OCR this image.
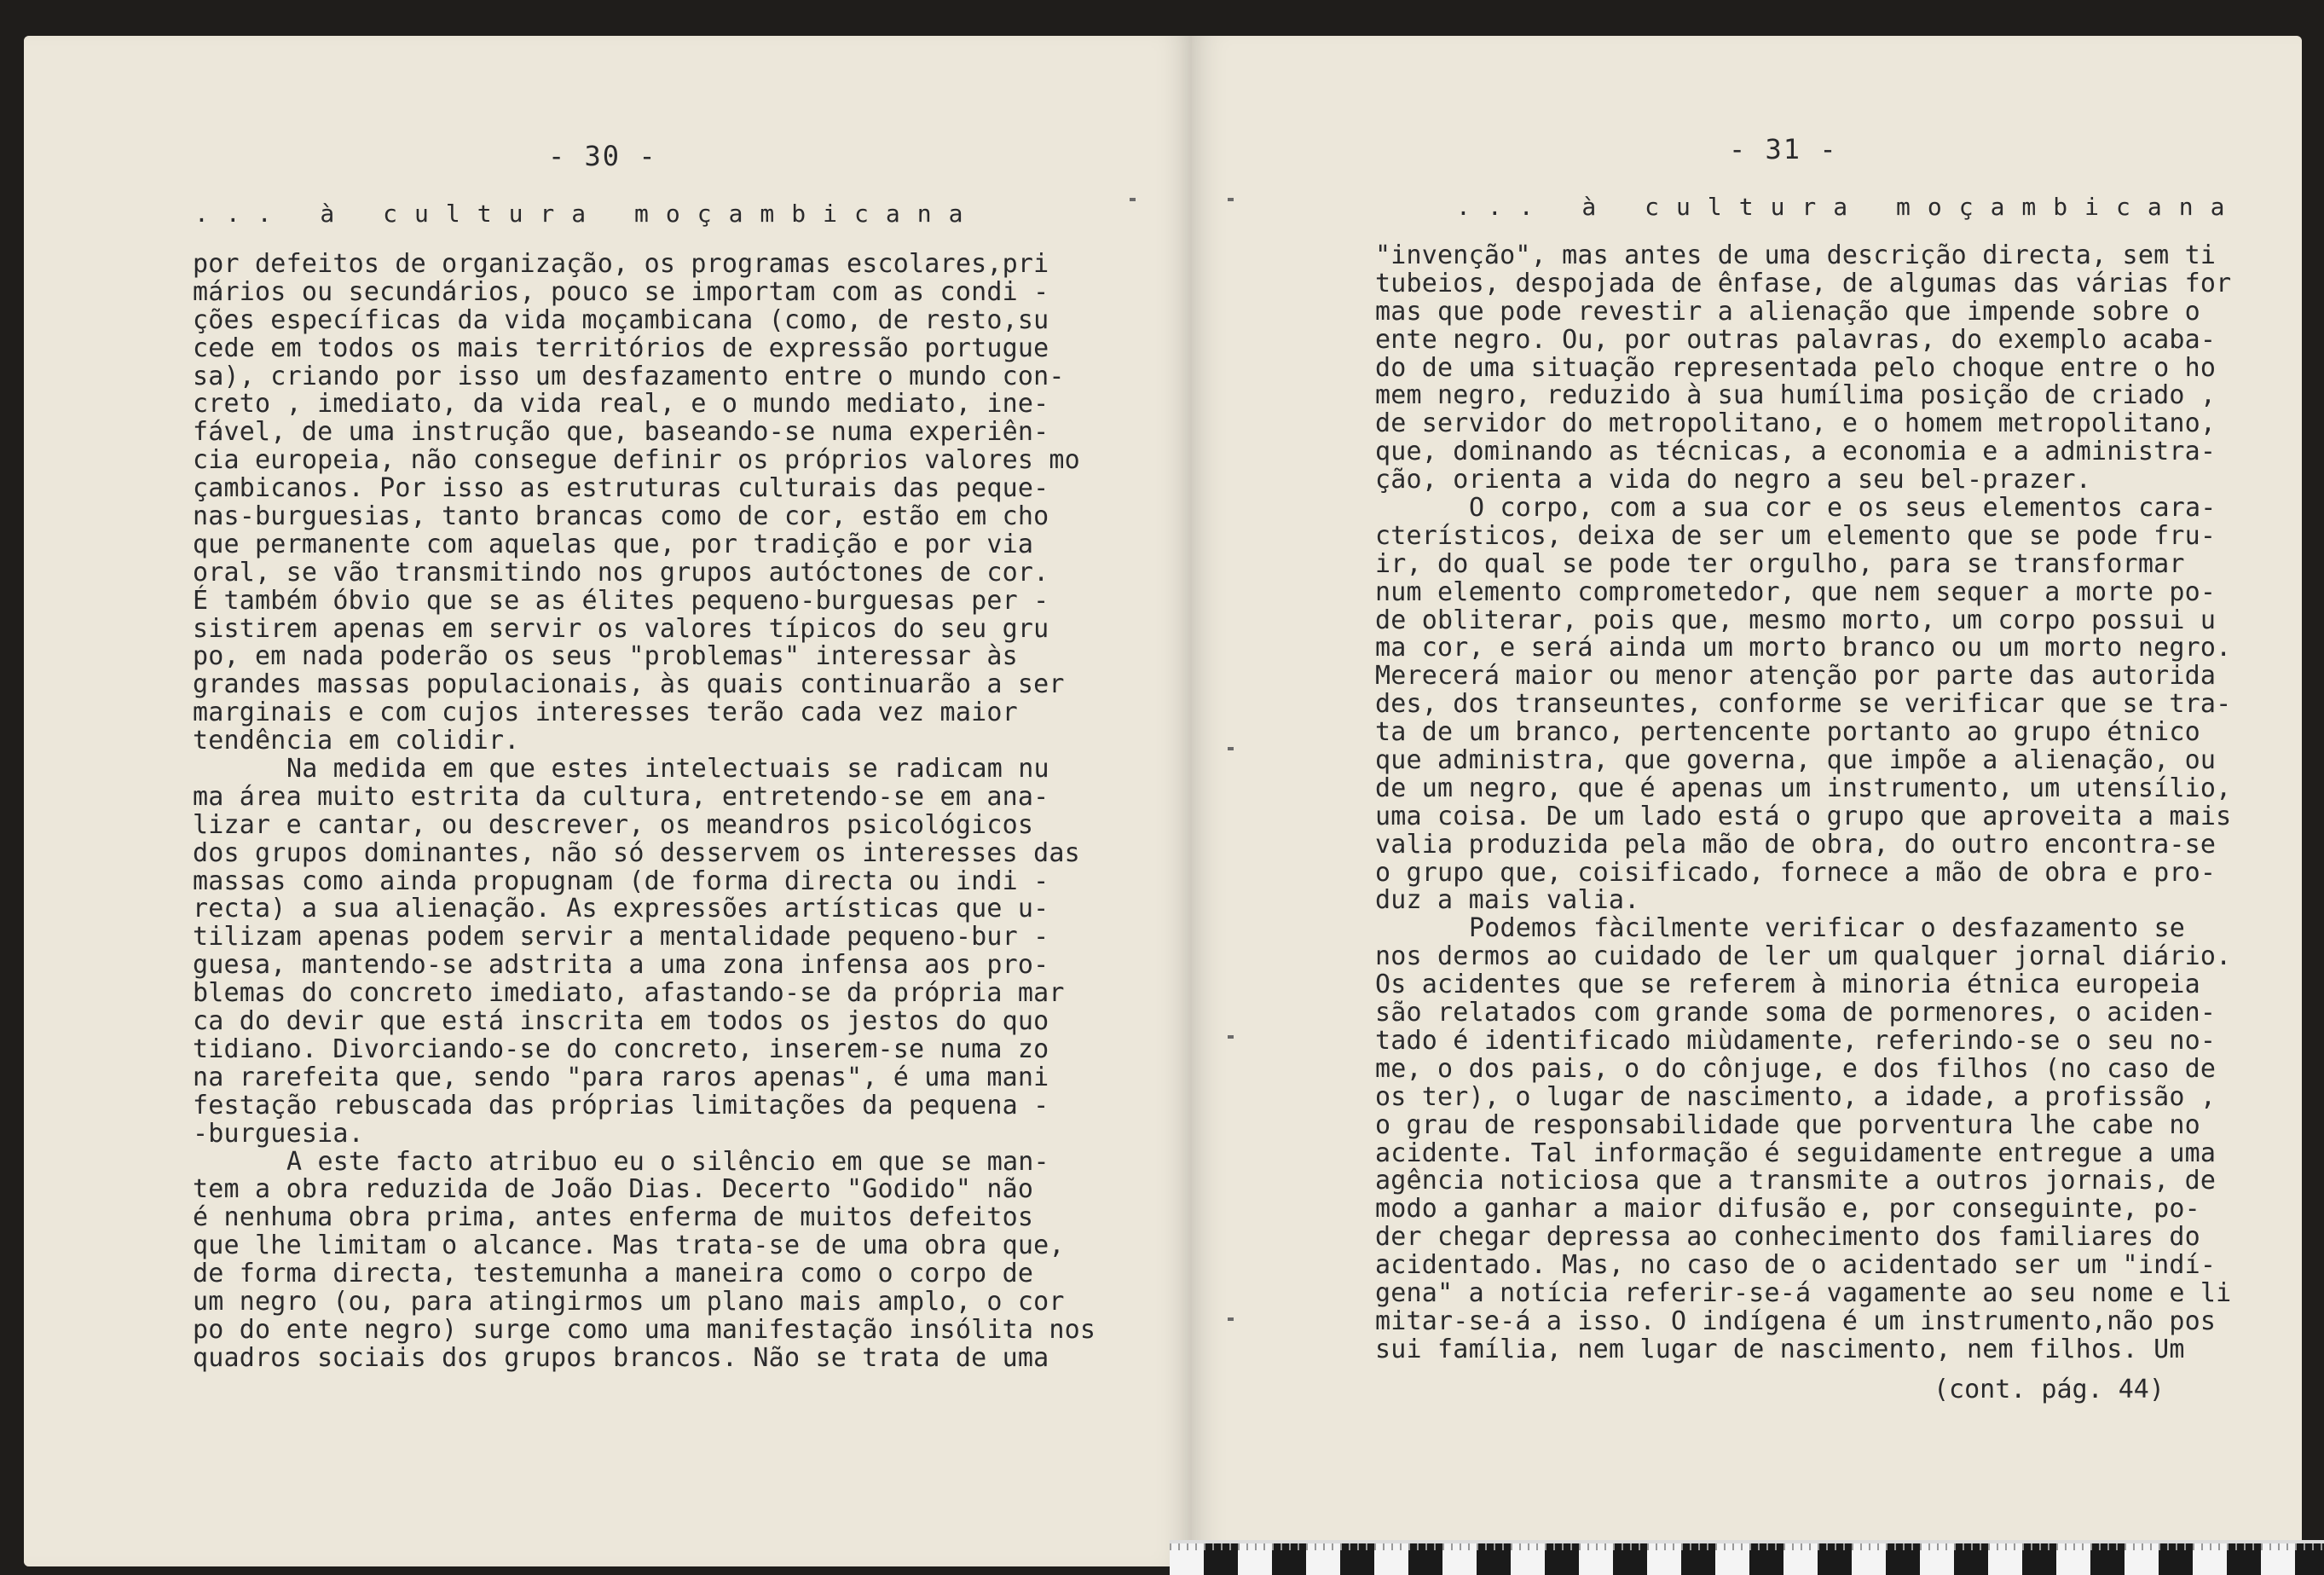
- 30 -
... à cultura moçambicana
por defeitos de organização, os programas escolares,pri
mários ou secundários, pouco se importam com as condi -
ções específicas da vida moçambicana (como, de resto,su
cede em todos os mais territórios de expressão portugue
sa), criando por isso um desfazamento entre o mundo con-
creto , imediato, da vida real, e o mundo mediato, ine-
fável, de uma instrução que, baseando-se numa experiên-
cia europeia, não consegue definir os próprios valores mo
çambicanos. Por isso as estruturas culturais das peque-
nas-burguesias, tanto brancas como de cor, estão em cho
que permanente com aquelas que, por tradição e por via
oral, se vão transmitindo nos grupos autóctones de cor.
É também óbvio que se as élites pequeno-burguesas per -
sistirem apenas em servir os valores típicos do seu gru
po, em nada poderão os seus "problemas" interessar às
grandes massas populacionais, às quais continuarão a ser
marginais e com cujos interesses terão cada vez maior
tendência em colidir.
Na medida em que estes intelectuais se radicam nu
ma área muito estrita da cultura, entretendo-se em ana-
lizar e cantar, ou descrever, os meandros psicológicos
dos grupos dominantes, não só desservem os interesses das
massas como ainda propugnam (de forma directa ou indi -
recta) a sua alienação. As expressões artísticas que u-
tilizam apenas podem servir a mentalidade pequeno-bur -
guesa, mantendo-se adstrita a uma zona infensa aos pro-
blemas do concreto imediato, afastando-se da própria mar
ca do devir que está inscrita em todos os jestos do quo
tidiano. Divorciando-se do concreto, inserem-se numa zo
na rarefeita que, sendo "para raros apenas", é uma mani
festação rebuscada das próprias limitações da pequena -
-burguesia.
A este facto atribuo eu o silêncio em que se man-
tem a obra reduzida de João Dias. Decerto "Godido" não
é nenhuma obra prima, antes enferma de muitos defeitos
que lhe limitam o alcance. Mas trata-se de uma obra que,
de forma directa, testemunha a maneira como o corpo de
um negro (ou, para atingirmos um plano mais amplo, o cor
po do ente negro) surge como uma manifestação insólita nos
quadros sociais dos grupos brancos. Não se trata de uma
- 31 -
... à cultura moçambicana
"invenção", mas antes de uma descrição directa, sem ti
tubeios, despojada de ênfase, de algumas das várias for
mas que pode revestir a alienação que impende sobre o
ente negro. Ou, por outras palavras, do exemplo acaba-
do de uma situação representada pelo choque entre o ho
mem negro, reduzido à sua humílima posição de criado ,
de servidor do metropolitano, e o homem metropolitano,
que, dominando as técnicas, a economia e a administra-
ção, orienta a vida do negro a seu bel-prazer.
O corpo, com a sua cor e os seus elementos cara-
cterísticos, deixa de ser um elemento que se pode fru-
ir, do qual se pode ter orgulho, para se transformar
num elemento comprometedor, que nem sequer a morte po-
de obliterar, pois que, mesmo morto, um corpo possui u
ma cor, e será ainda um morto branco ou um morto negro.
Merecerá maior ou menor atenção por parte das autorida
des, dos transeuntes, conforme se verificar que se tra-
ta de um branco, pertencente portanto ao grupo étnico
que administra, que governa, que impõe a alienação, ou
de um negro, que é apenas um instrumento, um utensílio,
uma coisa. De um lado está o grupo que aproveita a mais
valia produzida pela mão de obra, do outro encontra-se
o grupo que, coisificado, fornece a mão de obra e pro-
duz a mais valia.
Podemos fàcilmente verificar o desfazamento se
nos dermos ao cuidado de ler um qualquer jornal diário.
Os acidentes que se referem à minoria étnica europeia
são relatados com grande soma de pormenores, o aciden-
tado é identificado miùdamente, referindo-se o seu no-
me, o dos pais, o do cônjuge, e dos filhos (no caso de
os ter), o lugar de nascimento, a idade, a profissão ,
o grau de responsabilidade que porventura lhe cabe no
acidente. Tal informação é seguidamente entregue a uma
agência noticiosa que a transmite a outros jornais, de
modo a ganhar a maior difusão e, por conseguinte, po-
der chegar depressa ao conhecimento dos familiares do
acidentado. Mas, no caso de o acidentado ser um "indí-
gena" a notícia referir-se-á vagamente ao seu nome e li
mitar-se-á a isso. O indígena é um instrumento,não pos
sui família, nem lugar de nascimento, nem filhos. Um
(cont. pág. 44)
